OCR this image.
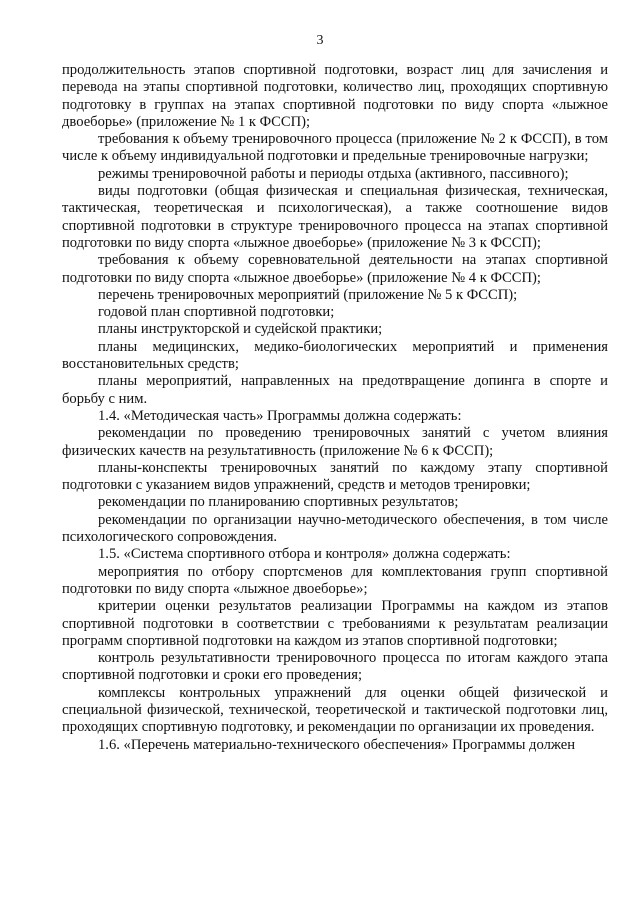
3

продолжительность этапов спортивной подготовки, возраст лиц для зачисления и перевода на этапы спортивной подготовки, количество лиц, проходящих спортивную подготовку в группах на этапах спортивной подготовки по виду спорта «лыжное двоеборье» (приложение № 1 к ФССП);

требования к объему тренировочного процесса (приложение № 2 к ФССП), в том числе к объему индивидуальной подготовки и предельные тренировочные нагрузки;

режимы тренировочной работы и периоды отдыха (активного, пассивного);

виды подготовки (общая физическая и специальная физическая, техническая, тактическая, теоретическая и психологическая), а также соотношение видов спортивной подготовки в структуре тренировочного процесса на этапах спортивной подготовки по виду спорта «лыжное двоеборье» (приложение № 3 к ФССП);

требования к объему соревновательной деятельности на этапах спортивной подготовки по виду спорта «лыжное двоеборье» (приложение № 4 к ФССП);

перечень тренировочных мероприятий (приложение № 5 к ФССП);

годовой план спортивной подготовки;

планы инструкторской и судейской практики;

планы медицинских, медико-биологических мероприятий и применения восстановительных средств;

планы мероприятий, направленных на предотвращение допинга в спорте и борьбу с ним.

1.4. «Методическая часть» Программы должна содержать:

рекомендации по проведению тренировочных занятий с учетом влияния физических качеств на результативность (приложение № 6 к ФССП);

планы-конспекты тренировочных занятий по каждому этапу спортивной подготовки с указанием видов упражнений, средств и методов тренировки;

рекомендации по планированию спортивных результатов;

рекомендации по организации научно-методического обеспечения, в том числе психологического сопровождения.

1.5. «Система спортивного отбора и контроля» должна содержать:

мероприятия по отбору спортсменов для комплектования групп спортивной подготовки по виду спорта «лыжное двоеборье»;

критерии оценки результатов реализации Программы на каждом из этапов спортивной подготовки в соответствии с требованиями к результатам реализации программ спортивной подготовки на каждом из этапов спортивной подготовки;

контроль результативности тренировочного процесса по итогам каждого этапа спортивной подготовки и сроки его проведения;

комплексы контрольных упражнений для оценки общей физической и специальной физической, технической, теоретической и тактической подготовки лиц, проходящих спортивную подготовку, и рекомендации по организации их проведения.

1.6. «Перечень материально-технического обеспечения» Программы должен
